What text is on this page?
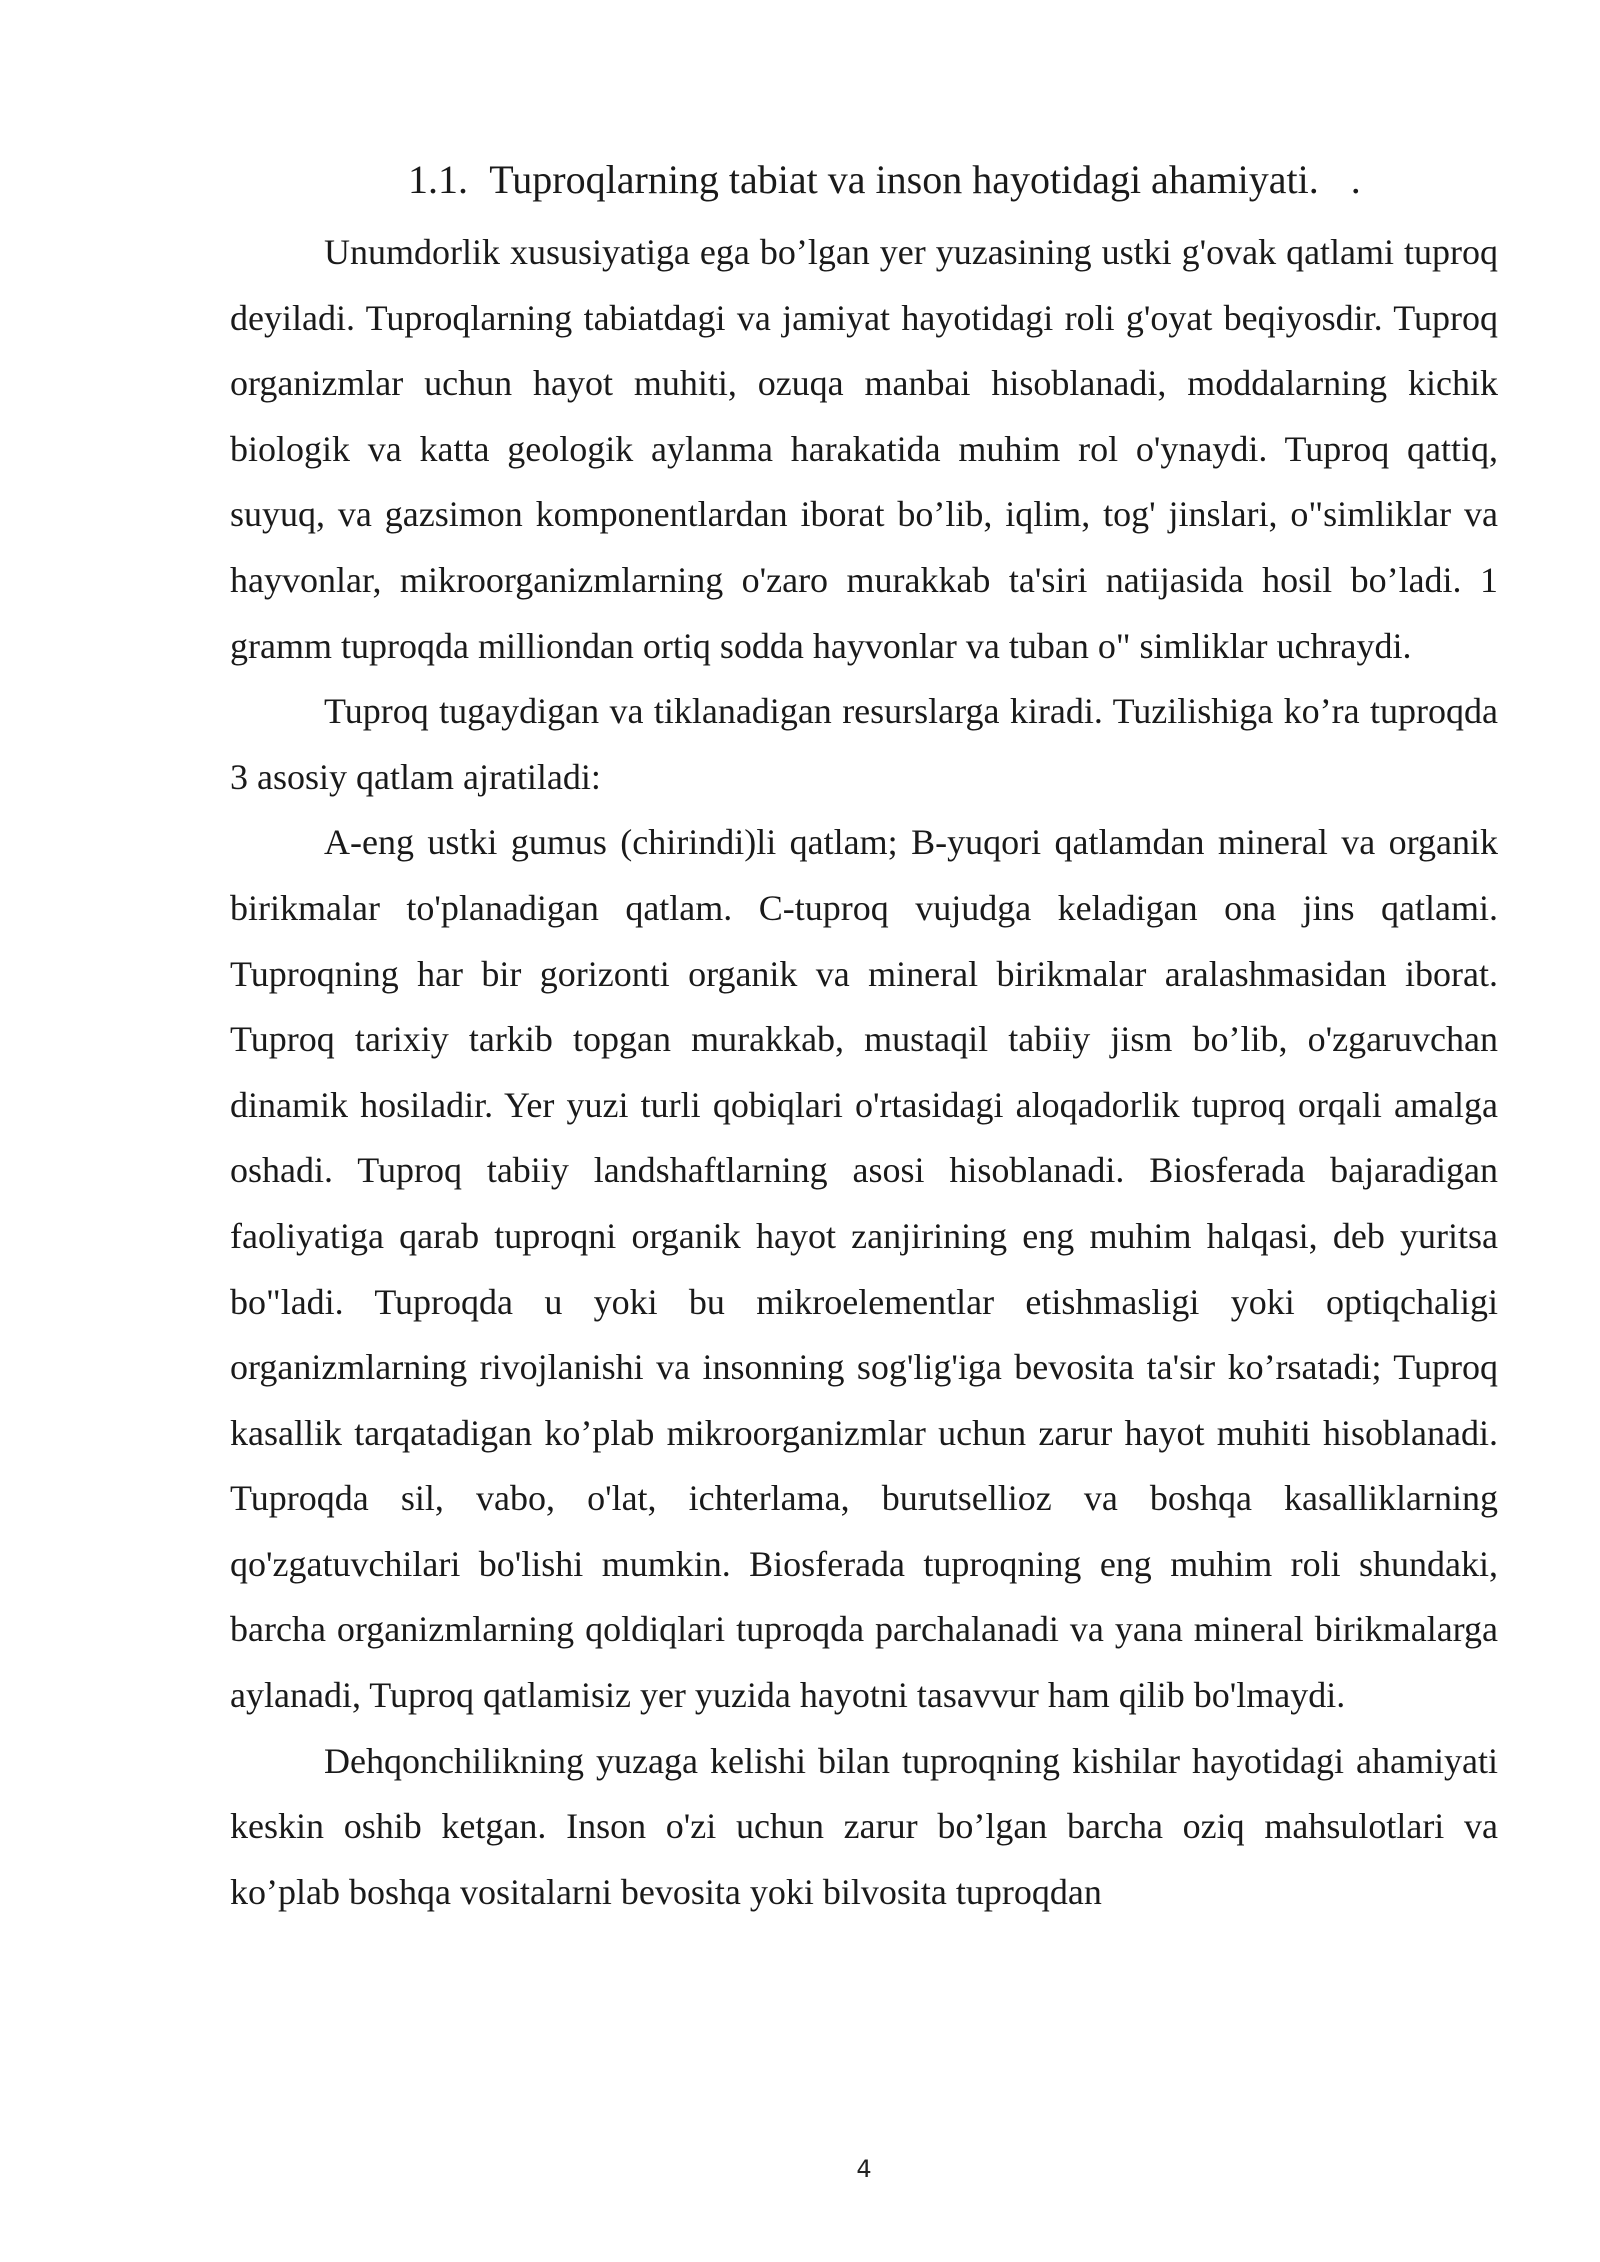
1.1. Tuproqlarning tabiat va inson hayotidagi ahamiyati. .

Unumdorlik xususiyatiga ega bo’lgan yer yuzasining ustki g'ovak qatlami tuproq deyiladi. Tuproqlarning tabiatdagi va jamiyat hayotidagi roli g'oyat beqiyosdir. Tuproq organizmlar uchun hayot muhiti, ozuqa manbai hisoblanadi, moddalarning kichik biologik va katta geologik aylanma harakatida muhim rol o'ynaydi. Tuproq qattiq, suyuq, va gazsimon komponentlardan iborat bo’lib, iqlim, tog' jinslari, o"simliklar va hayvonlar, mikroorganizmlarning o'zaro murakkab ta'siri natijasida hosil bo’ladi. 1 gramm tuproqda milliondan ortiq sodda hayvonlar va tuban o" simliklar uchraydi.

Tuproq tugaydigan va tiklanadigan resurslarga kiradi. Tuzilishiga ko’ra tuproqda 3 asosiy qatlam ajratiladi:

A-eng ustki gumus (chirindi)li qatlam; B-yuqori qatlamdan mineral va organik birikmalar to'planadigan qatlam. C-tuproq vujudga keladigan ona jins qatlami. Tuproqning har bir gorizonti organik va mineral birikmalar aralashmasidan iborat. Tuproq tarixiy tarkib topgan murakkab, mustaqil tabiiy jism bo’lib, o'zgaruvchan dinamik hosiladir. Yer yuzi turli qobiqlari o'rtasidagi aloqadorlik tuproq orqali amalga oshadi. Tuproq tabiiy landshaftlarning asosi hisoblanadi. Biosferada bajaradigan faoliyatiga qarab tuproqni organik hayot zanjirining eng muhim halqasi, deb yuritsa bo"ladi. Tuproqda u yoki bu mikroelementlar etishmasligi yoki optiqchaligi organizmlarning rivojlanishi va insonning sog'lig'iga bevosita ta'sir ko’rsatadi; Tuproq kasallik tarqatadigan ko’plab mikroorganizmlar uchun zarur hayot muhiti hisoblanadi. Tuproqda sil, vabo, o'lat, ichterlama, burutsellioz va boshqa kasalliklarning qo'zgatuvchilari bo'lishi mumkin. Biosferada tuproqning eng muhim roli shundaki, barcha organizmlarning qoldiqlari tuproqda parchalanadi va yana mineral birikmalarga aylanadi, Tuproq qatlamisiz yer yuzida hayotni tasavvur ham qilib bo'lmaydi.

Dehqonchilikning yuzaga kelishi bilan tuproqning kishilar hayotidagi ahamiyati keskin oshib ketgan. Inson o'zi uchun zarur bo’lgan barcha oziq mahsulotlari va ko’plab boshqa vositalarni bevosita yoki bilvosita tuproqdan

4
